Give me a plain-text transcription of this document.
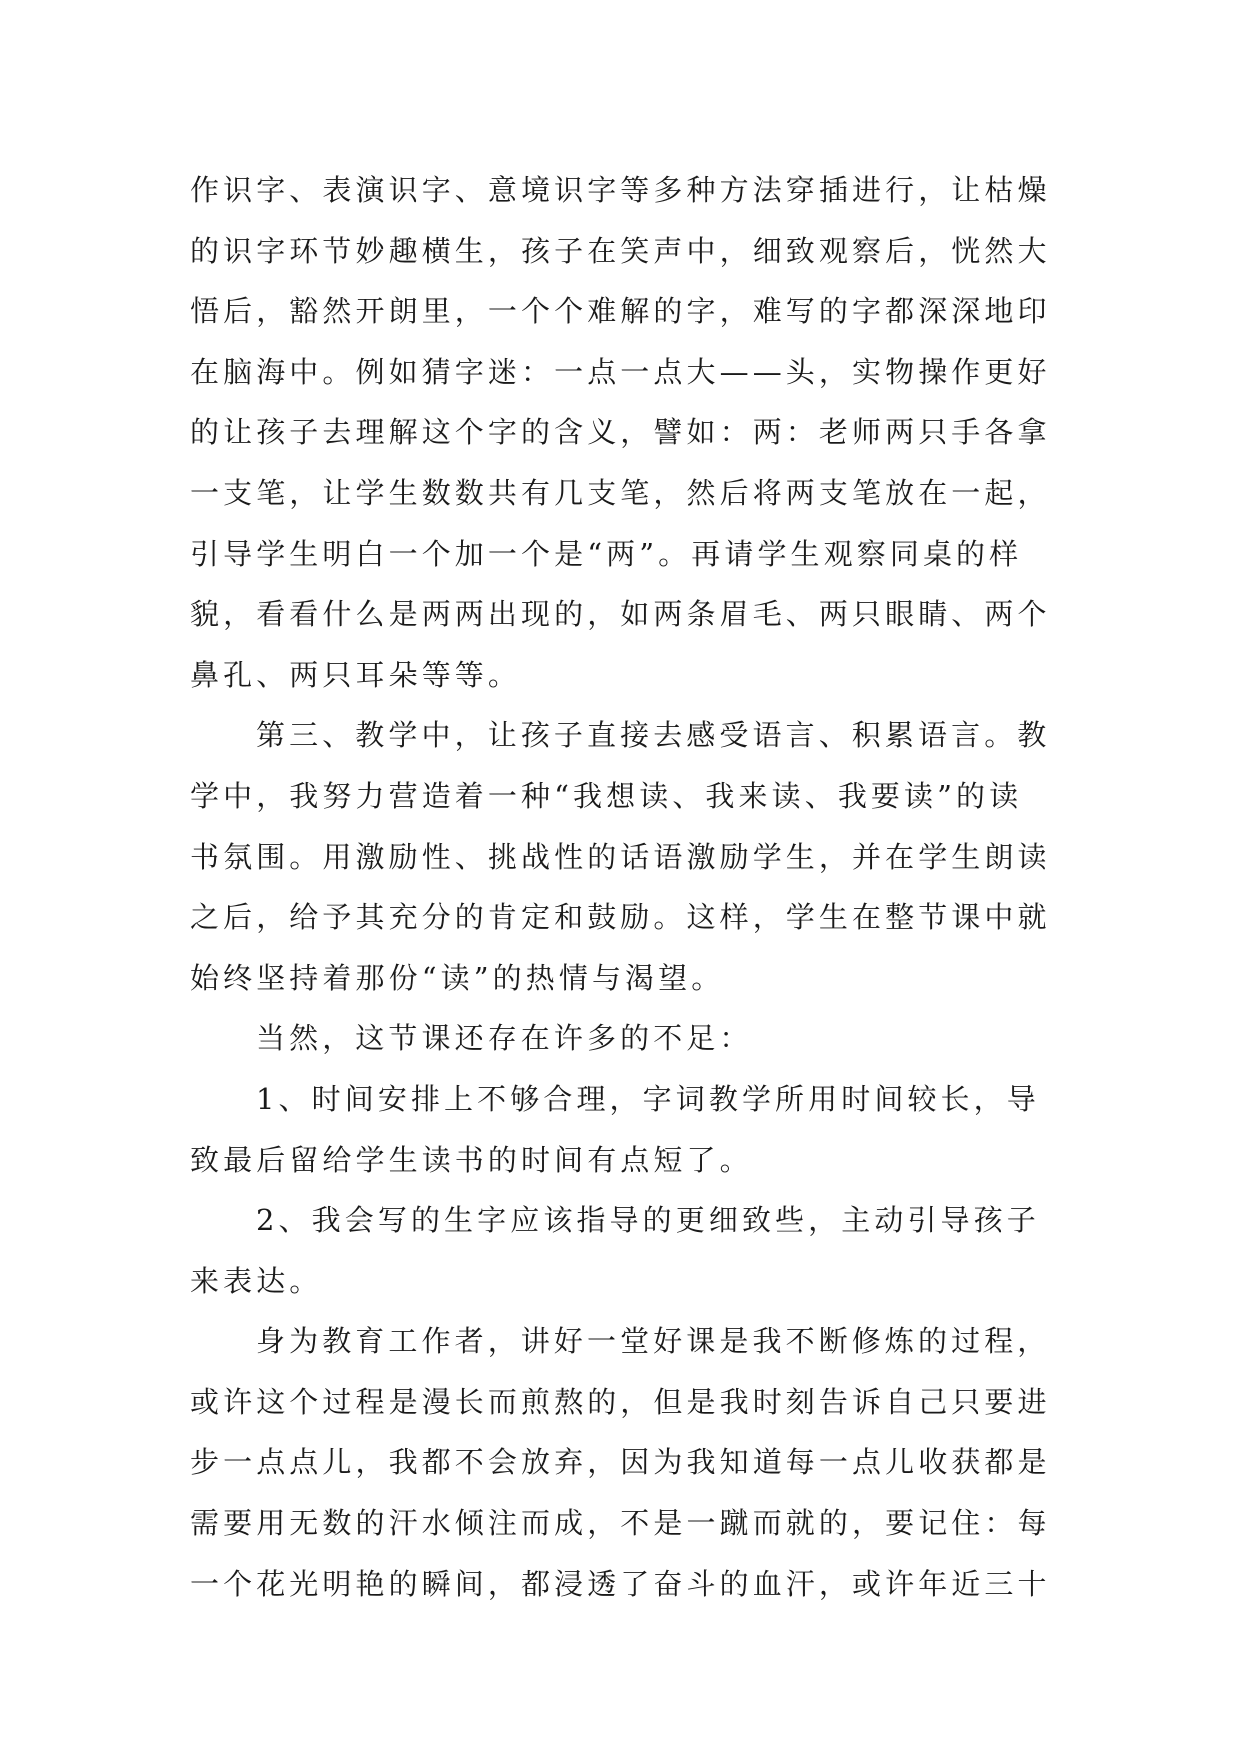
作识字、表演识字、意境识字等多种方法穿插进行，让枯燥
的识字环节妙趣横生，孩子在笑声中，细致观察后，恍然大
悟后，豁然开朗里，一个个难解的字，难写的字都深深地印
在脑海中。例如猜字迷：一点一点大——头，实物操作更好
的让孩子去理解这个字的含义，譬如：两：老师两只手各拿
一支笔，让学生数数共有几支笔，然后将两支笔放在一起，
引导学生明白一个加一个是“两”。再请学生观察同桌的样
貌，看看什么是两两出现的，如两条眉毛、两只眼睛、两个
鼻孔、两只耳朵等等。
第三、教学中，让孩子直接去感受语言、积累语言。教
学中，我努力营造着一种“我想读、我来读、我要读”的读
书氛围。用激励性、挑战性的话语激励学生，并在学生朗读
之后，给予其充分的肯定和鼓励。这样，学生在整节课中就
始终坚持着那份“读”的热情与渴望。
当然，这节课还存在许多的不足：
1、时间安排上不够合理，字词教学所用时间较长，导
致最后留给学生读书的时间有点短了。
2、我会写的生字应该指导的更细致些，主动引导孩子
来表达。
身为教育工作者，讲好一堂好课是我不断修炼的过程，
或许这个过程是漫长而煎熬的，但是我时刻告诉自己只要进
步一点点儿，我都不会放弃，因为我知道每一点儿收获都是
需要用无数的汗水倾注而成，不是一蹴而就的，要记住：每
一个花光明艳的瞬间，都浸透了奋斗的血汗，或许年近三十
